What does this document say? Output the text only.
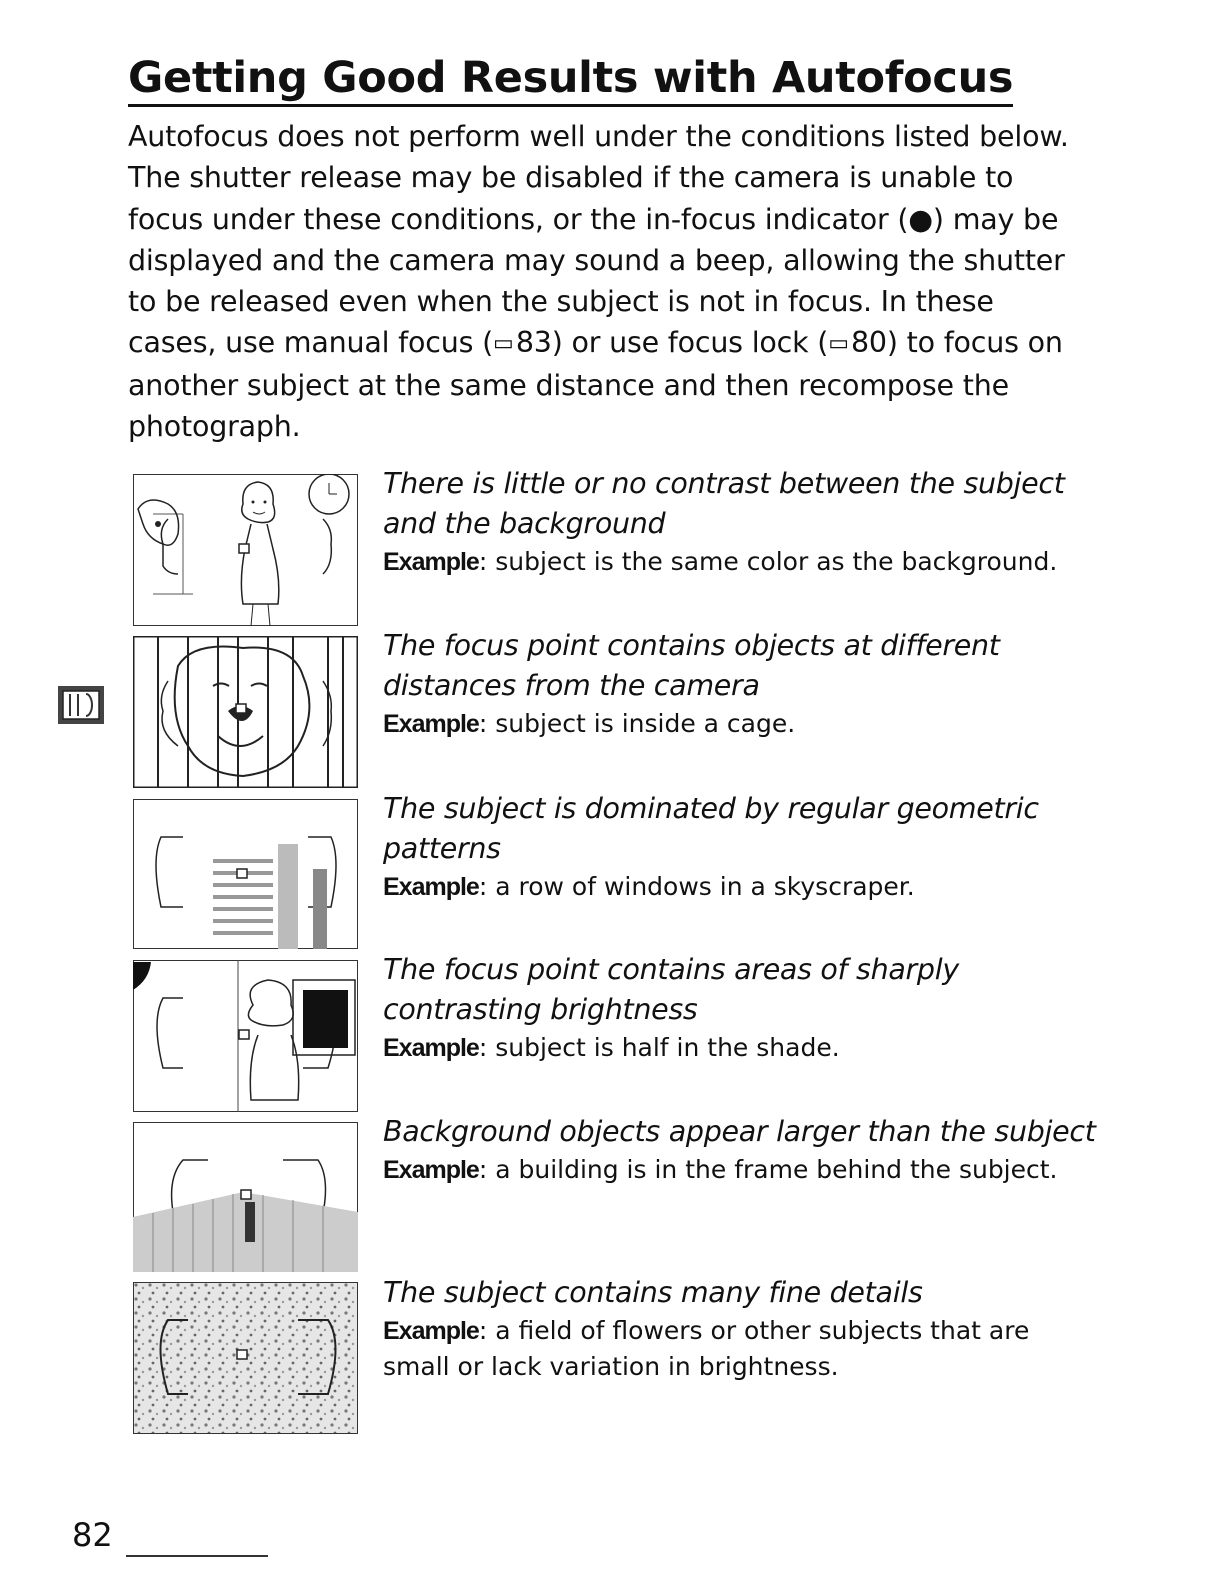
Getting Good Results with Autofocus

Autofocus does not perform well under the conditions listed below. The shutter release may be disabled if the camera is unable to focus under these conditions, or the in-focus indicator (●) may be displayed and the camera may sound a beep, allowing the shutter to be released even when the subject is not in focus. In these cases, use manual focus (▭ 83) or use focus lock (▭ 80) to focus on another subject at the same distance and then recompose the photograph.

There is little or no contrast between the subject and the background

Example: subject is the same color as the background.

The focus point contains objects at different distances from the camera

Example: subject is inside a cage.

The subject is dominated by regular geometric patterns

Example: a row of windows in a skyscraper.

The focus point contains areas of sharply contrasting brightness

Example: subject is half in the shade.

Background objects appear larger than the subject

Example: a building is in the frame behind the subject.

The subject contains many fine details

Example: a field of flowers or other subjects that are small or lack variation in brightness.

82
